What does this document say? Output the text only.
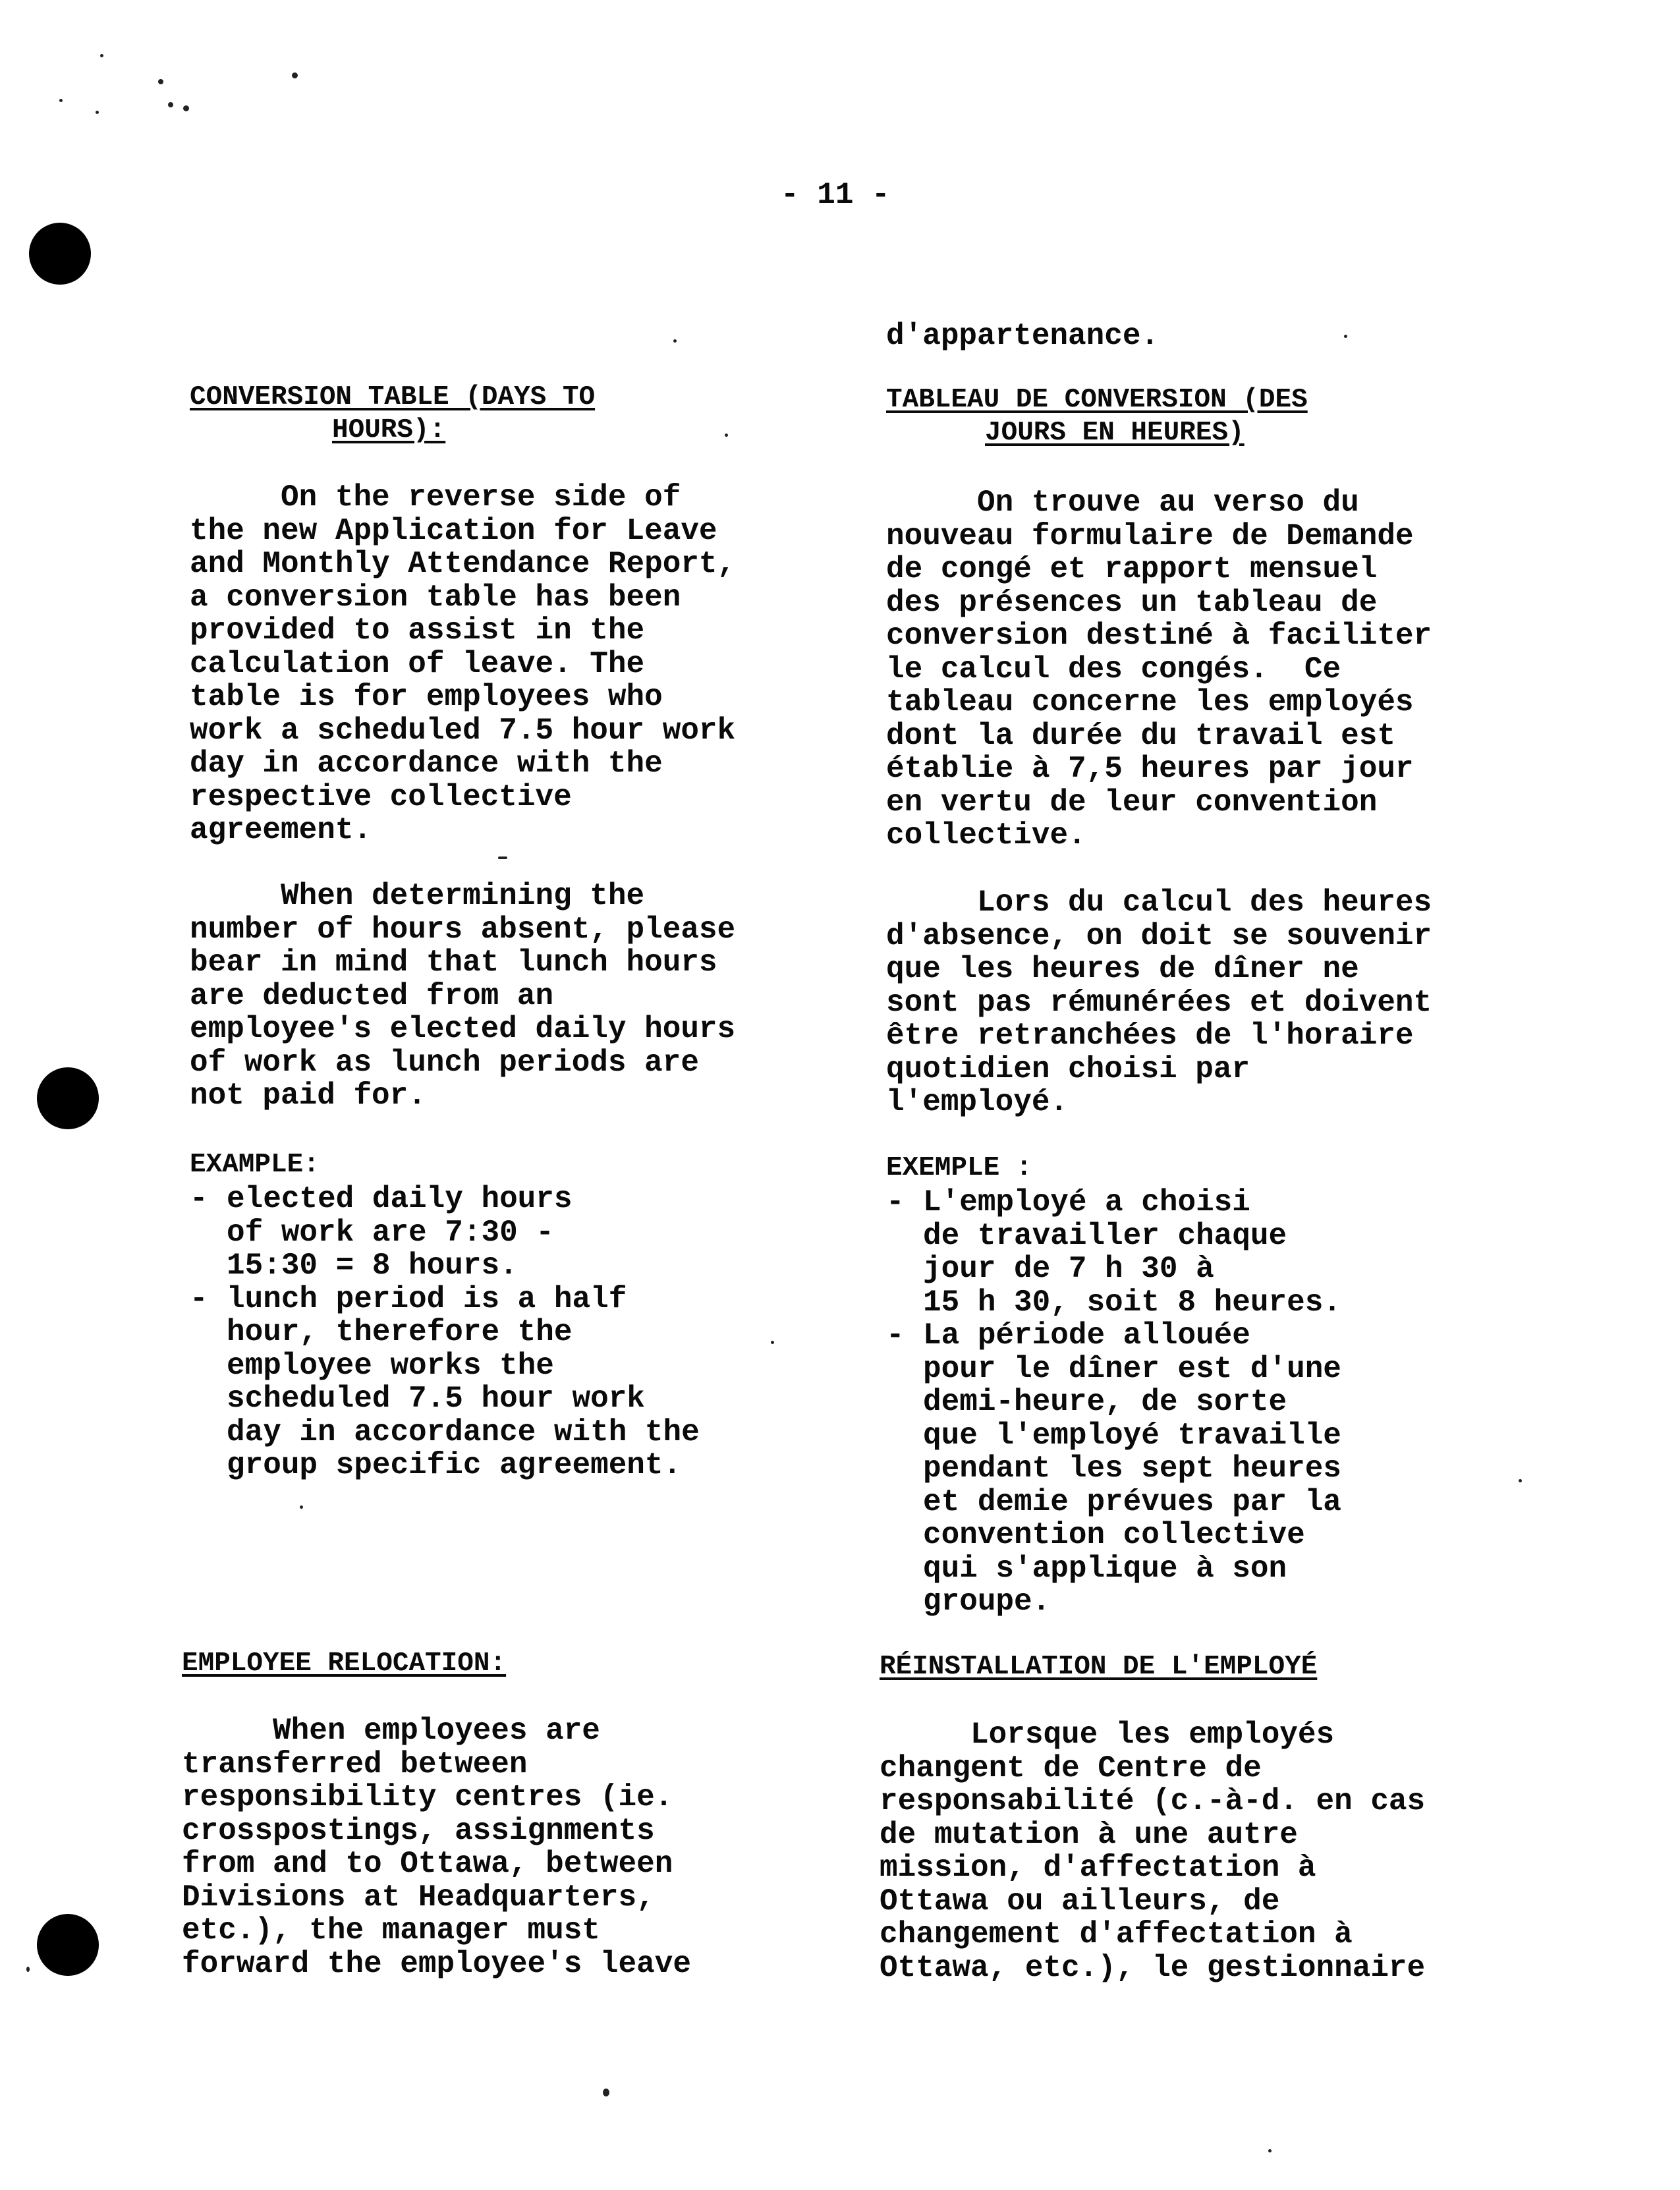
- 11 -
CONVERSION TABLE (DAYS TO
HOURS):
On the reverse side of
the new Application for Leave
and Monthly Attendance Report,
a conversion table has been
provided to assist in the
calculation of leave. The
table is for employees who
work a scheduled 7.5 hour work
day in accordance with the
respective collective
agreement.
When determining the
number of hours absent, please
bear in mind that lunch hours
are deducted from an
employee's elected daily hours
of work as lunch periods are
not paid for.
EXAMPLE:
- elected daily hours
of work are 7:30 -
15:30 = 8 hours.
- lunch period is a half
hour, therefore the
employee works the
scheduled 7.5 hour work
day in accordance with the
group specific agreement.
EMPLOYEE RELOCATION:
When employees are
transferred between
responsibility centres (ie.
crosspostings, assignments
from and to Ottawa, between
Divisions at Headquarters,
etc.), the manager must
forward the employee's leave
d'appartenance.
TABLEAU DE CONVERSION (DES
JOURS EN HEURES)
On trouve au verso du
nouveau formulaire de Demande
de congé et rapport mensuel
des présences un tableau de
conversion destiné à faciliter
le calcul des congés.  Ce
tableau concerne les employés
dont la durée du travail est
établie à 7,5 heures par jour
en vertu de leur convention
collective.
Lors du calcul des heures
d'absence, on doit se souvenir
que les heures de dîner ne
sont pas rémunérées et doivent
être retranchées de l'horaire
quotidien choisi par
l'employé.
EXEMPLE :
- L'employé a choisi
de travailler chaque
jour de 7 h 30 à
15 h 30, soit 8 heures.
- La période allouée
pour le dîner est d'une
demi-heure, de sorte
que l'employé travaille
pendant les sept heures
et demie prévues par la
convention collective
qui s'applique à son
groupe.
RÉINSTALLATION DE L'EMPLOYÉ
Lorsque les employés
changent de Centre de
responsabilité (c.-à-d. en cas
de mutation à une autre
mission, d'affectation à
Ottawa ou ailleurs, de
changement d'affectation à
Ottawa, etc.), le gestionnaire
